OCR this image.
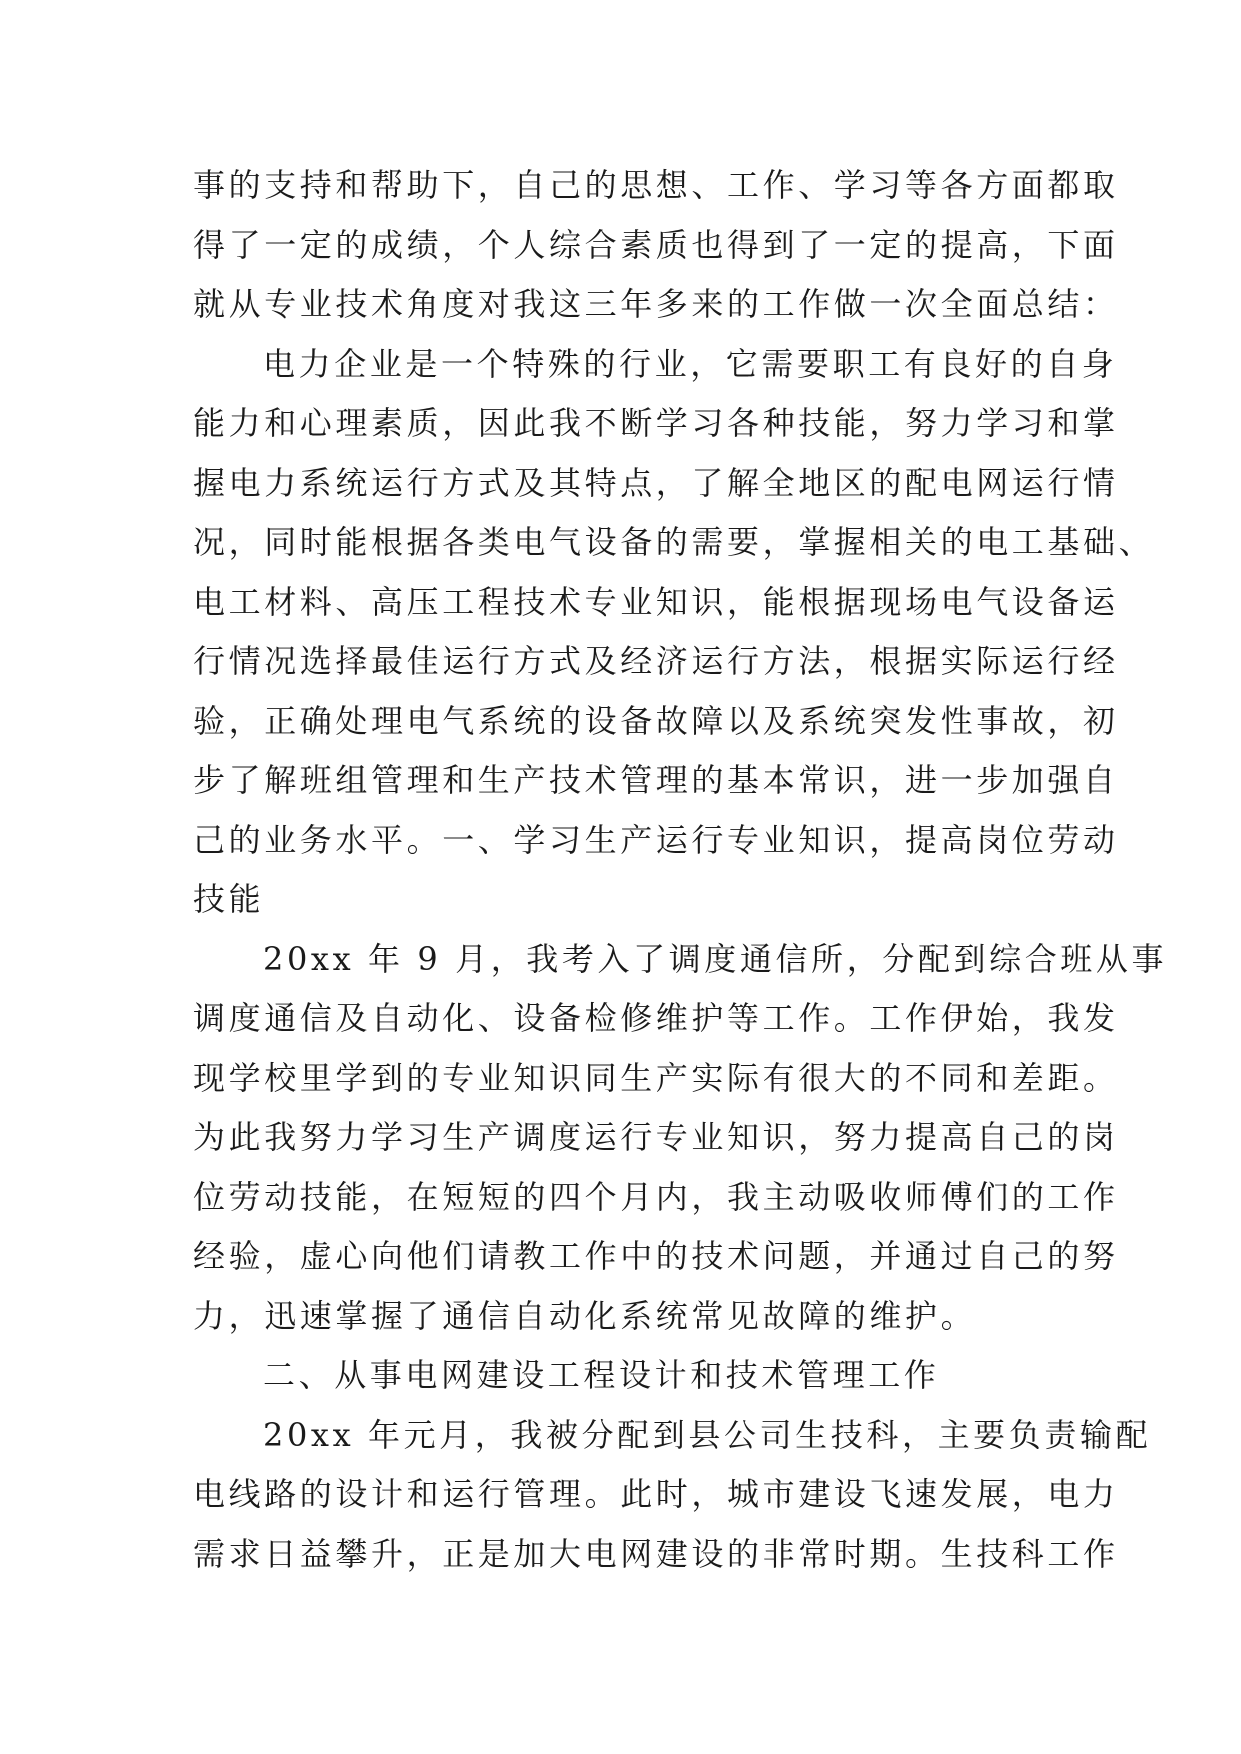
事的支持和帮助下，自己的思想、工作、学习等各方面都取
得了一定的成绩，个人综合素质也得到了一定的提高，下面
就从专业技术角度对我这三年多来的工作做一次全面总结：
电力企业是一个特殊的行业，它需要职工有良好的自身
能力和心理素质，因此我不断学习各种技能，努力学习和掌
握电力系统运行方式及其特点，了解全地区的配电网运行情
况，同时能根据各类电气设备的需要，掌握相关的电工基础、
电工材料、高压工程技术专业知识，能根据现场电气设备运
行情况选择最佳运行方式及经济运行方法，根据实际运行经
验，正确处理电气系统的设备故障以及系统突发性事故，初
步了解班组管理和生产技术管理的基本常识，进一步加强自
己的业务水平。一、学习生产运行专业知识，提高岗位劳动
技能
20xx 年 9 月，我考入了调度通信所，分配到综合班从事
调度通信及自动化、设备检修维护等工作。工作伊始，我发
现学校里学到的专业知识同生产实际有很大的不同和差距。
为此我努力学习生产调度运行专业知识，努力提高自己的岗
位劳动技能，在短短的四个月内，我主动吸收师傅们的工作
经验，虚心向他们请教工作中的技术问题，并通过自己的努
力，迅速掌握了通信自动化系统常见故障的维护。
二、从事电网建设工程设计和技术管理工作
20xx 年元月，我被分配到县公司生技科，主要负责输配
电线路的设计和运行管理。此时，城市建设飞速发展，电力
需求日益攀升，正是加大电网建设的非常时期。生技科工作
